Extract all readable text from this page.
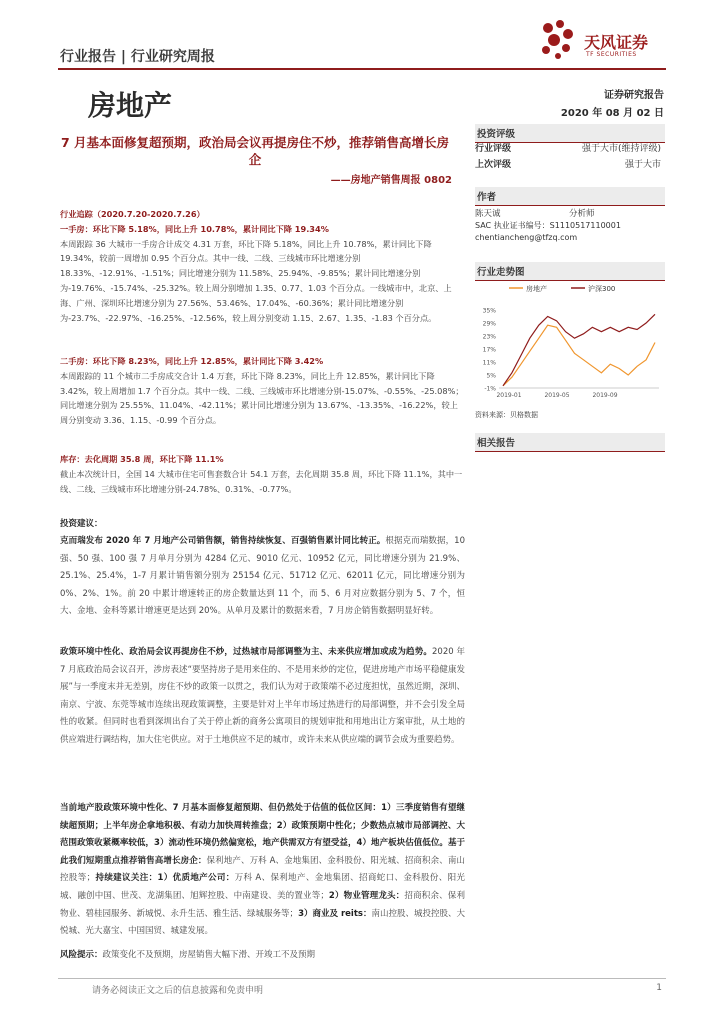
行业报告 | 行业研究周报
天风证券
TF SECURITIES
房地产	证券研究报告
2020 年 08 月 02 日
7 月基本面修复超预期，政治局会议再提房住不炒，推荐销售高增长房企
——房地产销售周报 0802
行业追踪（2020.7.20-2020.7.26）
一手房：环比下降 5.18%，同比上升 10.78%，累计同比下降 19.34%
本周跟踪 36 大城市一手房合计成交 4.31 万套，环比下降 5.18%，同比上升 10.78%，累计同比下降 19.34%，较前一周增加 0.95 个百分点。其中一线、二线、三线城市环比增速分别 18.33%、-12.91%、-1.51%；同比增速分别为 11.58%、25.94%、-9.85%；累计同比增速分别为-19.76%、-15.74%、-25.32%。较上周分别增加 1.35、0.77、1.03 个百分点。一线城市中，北京、上海、广州、深圳环比增速分别为 27.56%、53.46%、17.04%、-60.36%；累计同比增速分别为-23.7%、-22.97%、-16.25%、-12.56%，较上周分别变动 1.15、2.67、1.35、-1.83 个百分点。
二手房：环比下降 8.23%，同比上升 12.85%，累计同比下降 3.42%
本周跟踪的 11 个城市二手房成交合计 1.4 万套，环比下降 8.23%，同比上升 12.85%，累计同比下降 3.42%，较上周增加 1.7 个百分点。其中一线、二线、三线城市环比增速分别-15.07%、-0.55%、-25.08%；同比增速分别为 25.55%、11.04%、-42.11%；累计同比增速分别为 13.67%、-13.35%、-16.22%，较上周分别变动 3.36、1.15、-0.99 个百分点。
库存：去化周期 35.8 周，环比下降 11.1%
截止本次统计日，全国 14 大城市住宅可售套数合计 54.1 万套，去化周期 35.8 周，环比下降 11.1%，其中一线、二线、三线城市环比增速分别-24.78%、0.31%、-0.77%。
投资建议：
克而瑞发布 2020 年 7 月地产公司销售额，销售持续恢复、百强销售累计同比转正。根据克而瑞数据，10 强、50 强、100 强 7 月单月分别为 4284 亿元、9010 亿元、10952 亿元，同比增速分别为 21.9%、25.1%、25.4%，1-7 月累计销售额分别为 25154 亿元、51712 亿元、62011 亿元，同比增速分别为 0%、2%、1%。前 20 中累计增速转正的房企数量达到 11 个，而 5、6 月对应数据分别为 5、7 个，恒大、金地、金科等累计增速更是达到 20%。从单月及累计的数据来看，7 月房企销售数据明显好转。
政策环境中性化、政治局会议再提房住不炒，过热城市局部调整为主、未来供应增加或成为趋势。2020 年 7 月底政治局会议召开，涉房表述“要坚持房子是用来住的、不是用来炒的定位，促进房地产市场平稳健康发展”与一季度末并无差别，房住不炒的政策一以贯之，我们认为对于政策端不必过度担忧，虽然近期，深圳、南京、宁波、东莞等城市连续出现政策调整，主要是针对上半年市场过热进行的局部调整，并不会引发全局性的收紧。但同时也看到深圳出台了关于停止新的商务公寓项目的规划审批和用地出让方案审批，从土地的供应端进行调结构，加大住宅供应。对于土地供应不足的城市，或许未来从供应端的调节会成为重要趋势。
当前地产股政策环境中性化、7 月基本面修复超预期、但仍然处于估值的低位区间：1）三季度销售有望继续超预期；上半年房企拿地积极、有动力加快周转推盘；2）政策预期中性化；少数热点城市局部调控、大范围政策收紧概率较低，3）流动性环境仍然偏宽松，地产供需双方有望受益，4）地产板块估值低位。基于此我们短期重点推荐销售高增长房企：保利地产、万科 A、金地集团、金科股份、阳光城、招商积余、南山控股等；持续建议关注：1）优质地产公司：万科 A、保利地产、金地集团、招商蛇口、金科股份、阳光城、融创中国、世茂、龙湖集团、旭辉控股、中南建设、美的置业等；2）物业管理龙头：招商积余、保利物业、碧桂园服务、新城悦、永升生活、雅生活、绿城服务等；3）商业及 reits：南山控股、城投控股、大悦城、光大嘉宝、中国国贸、城建发展。
风险提示：政策变化不及预期，房屋销售大幅下滑、开竣工不及预期
投资评级
行业评级	强于大市(维持评级)
上次评级	强于大市
作者
陈天诚	分析师
SAC 执业证书编号：S1110517110001
chentiancheng@tfzq.com
行业走势图
房地产	沪深300
35%
29%
23%
17%
11%
5%
-1%
2019-01	2019-05	2019-09
资料来源：贝格数据
相关报告
请务必阅读正文之后的信息披露和免责申明	1
